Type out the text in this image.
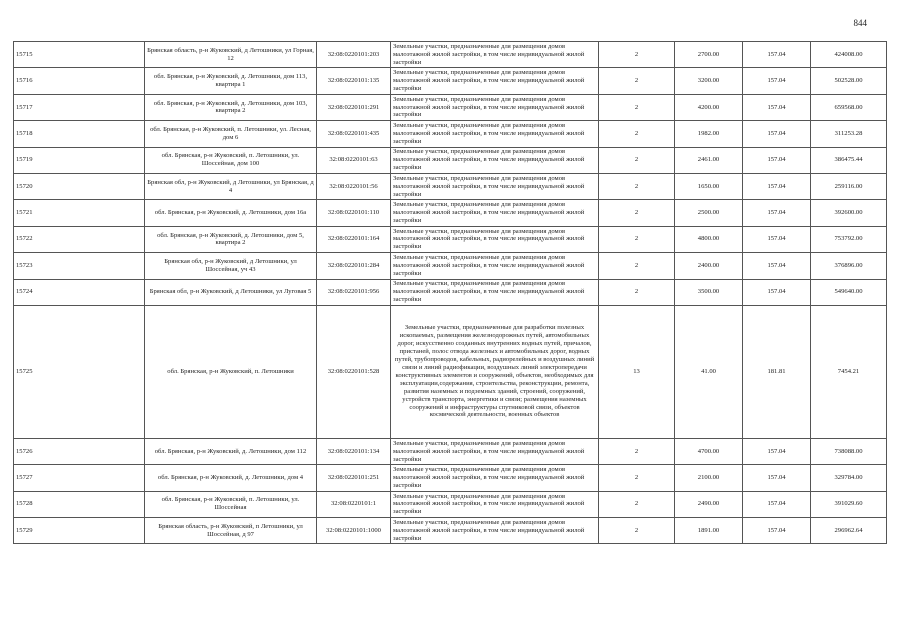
844
15715	Брянская область, р-н Жуковский, д Летошники, ул Горная, 12	32:08:0220101:203	Земельные участки, предназначенные для размещения домов малоэтажной жилой застройки, в том числе индивидуальной жилой застройки	2	2700.00	157.04	424008.00
15716	обл. Брянская, р-н Жуковский, д. Летошники, дом 113, квартира 1	32:08:0220101:135	Земельные участки, предназначенные для размещения домов малоэтажной жилой застройки, в том числе индивидуальной жилой застройки	2	3200.00	157.04	502528.00
15717	обл. Брянская, р-н Жуковский, д. Летошники, дом 103, квартира 2	32:08:0220101:291	Земельные участки, предназначенные для размещения домов малоэтажной жилой застройки, в том числе индивидуальной жилой застройки	2	4200.00	157.04	659568.00
15718	обл. Брянская, р-н Жуковский, п. Летошники, ул. Лесная, дом 6	32:08:0220101:435	Земельные участки, предназначенные для размещения домов малоэтажной жилой застройки, в том числе индивидуальной жилой застройки	2	1982.00	157.04	311253.28
15719	обл. Брянская, р-н Жуковский, п. Летошники, ул. Шоссейная, дом 100	32:08:0220101:63	Земельные участки, предназначенные для размещения домов малоэтажной жилой застройки, в том числе индивидуальной жилой застройки	2	2461.00	157.04	386475.44
15720	Брянская обл, р-н Жуковский, д Летошники, ул Брянская, д 4	32:08:0220101:56	Земельные участки, предназначенные для размещения домов малоэтажной жилой застройки, в том числе индивидуальной жилой застройки	2	1650.00	157.04	259116.00
15721	обл. Брянская, р-н Жуковский, д. Летошники, дом 16а	32:08:0220101:110	Земельные участки, предназначенные для размещения домов малоэтажной жилой застройки, в том числе индивидуальной жилой застройки	2	2500.00	157.04	392600.00
15722	обл. Брянская, р-н Жуковский, д. Летошники, дом 5, квартира 2	32:08:0220101:164	Земельные участки, предназначенные для размещения домов малоэтажной жилой застройки, в том числе индивидуальной жилой застройки	2	4800.00	157.04	753792.00
15723	Брянская обл, р-н Жуковский, д Летошники, ул Шоссейная, уч 43	32:08:0220101:284	Земельные участки, предназначенные для размещения домов малоэтажной жилой застройки, в том числе индивидуальной жилой застройки	2	2400.00	157.04	376896.00
15724	Брянская обл, р-н Жуковский, д Летошники, ул Луговая 5	32:08:0220101:956	Земельные участки, предназначенные для размещения домов малоэтажной жилой застройки, в том числе индивидуальной жилой застройки	2	3500.00	157.04	549640.00
15725	обл. Брянская, р-н Жуковский, п. Летошники	32:08:0220101:528	Земельные участки, предназначенные для разработки полезных ископаемых, размещения железнодорожных путей, автомобильных дорог, искусственно созданных внутренних водных путей, причалов, пристаней, полос отвода железных и автомобильных дорог, водных путей, трубопроводов, кабельных, радиорелейных и воздушных линий связи и линий радиофикации, воздушных линий электропередачи конструктивных элементов и сооружений, объектов, необходимых для эксплуатации,содержания, строительства, реконструкции, ремонта, развития наземных и подземных зданий, строений, сооружений, устройств транспорта, энергетики и связи; размещения наземных сооружений и инфраструктуры спутниковой связи, объектов космической деятельности, военных объектов	13	41.00	181.81	7454.21
15726	обл. Брянская, р-н Жуковский, д. Летошники, дом 112	32:08:0220101:134	Земельные участки, предназначенные для размещения домов малоэтажной жилой застройки, в том числе индивидуальной жилой застройки	2	4700.00	157.04	738088.00
15727	обл. Брянская, р-н Жуковский, д. Летошники, дом 4	32:08:0220101:251	Земельные участки, предназначенные для размещения домов малоэтажной жилой застройки, в том числе индивидуальной жилой застройки	2	2100.00	157.04	329784.00
15728	обл. Брянская, р-н Жуковский, п. Летошники, ул. Шоссейная	32:08:0220101:1	Земельные участки, предназначенные для размещения домов малоэтажной жилой застройки, в том числе индивидуальной жилой застройки	2	2490.00	157.04	391029.60
15729	Брянская область, р-н Жуковский, п Летошники, ул Шоссейная, д 97	32:08:0220101:1000	Земельные участки, предназначенные для размещения домов малоэтажной жилой застройки, в том числе индивидуальной жилой застройки	2	1891.00	157.04	296962.64
